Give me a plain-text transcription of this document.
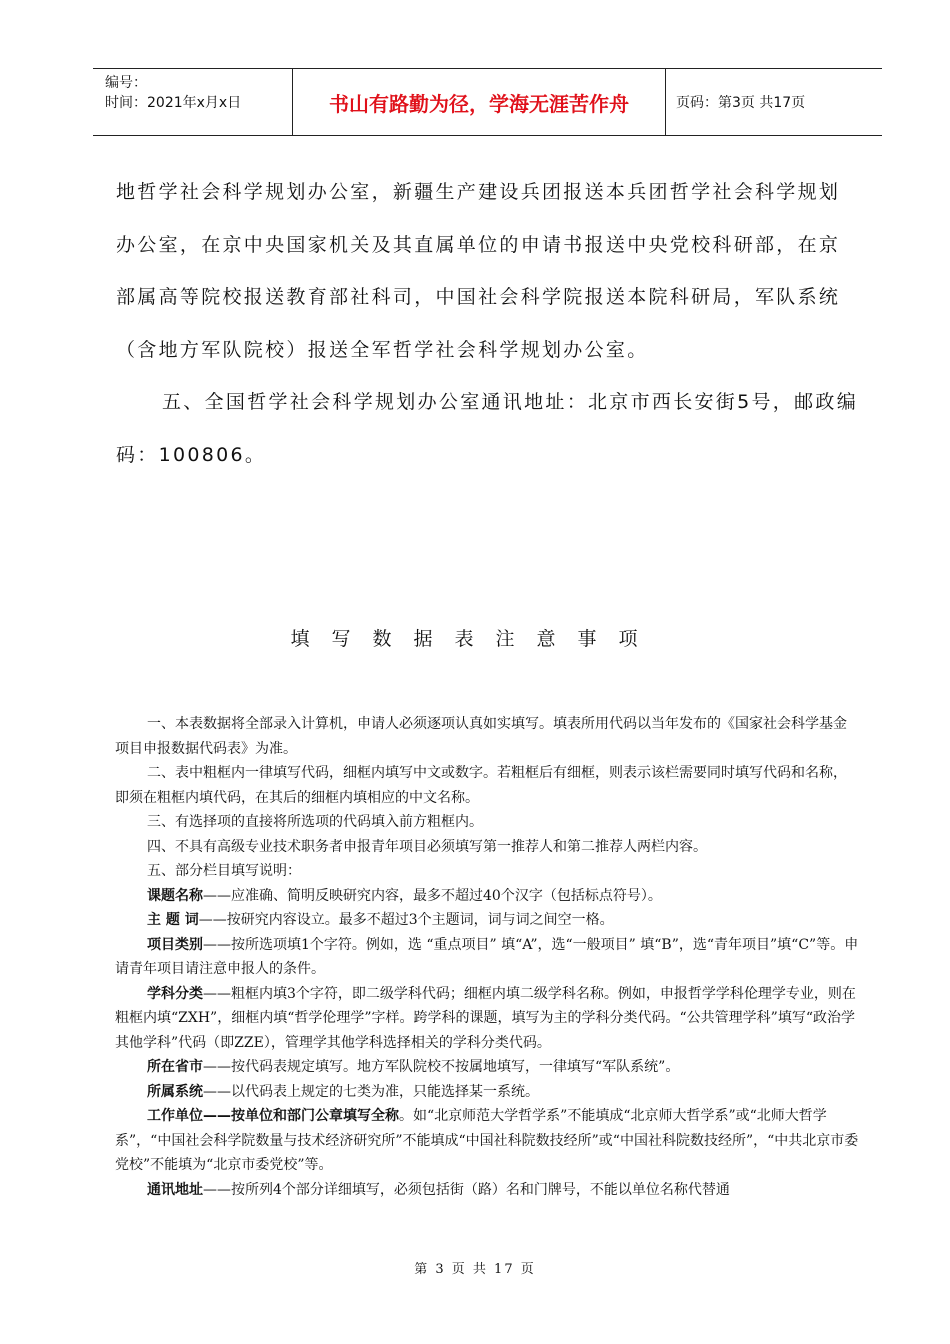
编号：
时间：2021年x月x日	书山有路勤为径，学海无涯苦作舟	页码：第3页 共17页

地哲学社会科学规划办公室，新疆生产建设兵团报送本兵团哲学社会科学规划办公室，在京中央国家机关及其直属单位的申请书报送中央党校科研部，在京部属高等院校报送教育部社科司，中国社会科学院报送本院科研局，军队系统（含地方军队院校）报送全军哲学社会科学规划办公室。

五、全国哲学社会科学规划办公室通讯地址：北京市西长安街5号，邮政编码：100806。

填写数据表注意事项

一、本表数据将全部录入计算机，申请人必须逐项认真如实填写。填表所用代码以当年发布的《国家社会科学基金项目申报数据代码表》为准。

二、表中粗框内一律填写代码，细框内填写中文或数字。若粗框后有细框，则表示该栏需要同时填写代码和名称，即须在粗框内填代码，在其后的细框内填相应的中文名称。

三、有选择项的直接将所选项的代码填入前方粗框内。

四、不具有高级专业技术职务者申报青年项目必须填写第一推荐人和第二推荐人两栏内容。

五、部分栏目填写说明：

课题名称——应准确、简明反映研究内容，最多不超过40个汉字（包括标点符号）。

主 题 词——按研究内容设立。最多不超过3个主题词，词与词之间空一格。

项目类别——按所选项填1个字符。例如，选 “重点项目” 填“A”，选“一般项目” 填“B”，选“青年项目”填“C”等。申请青年项目请注意申报人的条件。

学科分类——粗框内填3个字符，即二级学科代码；细框内填二级学科名称。例如，申报哲学学科伦理学专业，则在粗框内填“ZXH”，细框内填“哲学伦理学”字样。跨学科的课题，填写为主的学科分类代码。“公共管理学科”填写“政治学其他学科”代码（即ZZE），管理学其他学科选择相关的学科分类代码。

所在省市——按代码表规定填写。地方军队院校不按属地填写，一律填写“军队系统”。

所属系统——以代码表上规定的七类为准，只能选择某一系统。

工作单位——按单位和部门公章填写全称。如“北京师范大学哲学系”不能填成“北京师大哲学系”或“北师大哲学系”，“中国社会科学院数量与技术经济研究所”不能填成“中国社科院数技经所”或“中国社科院数技经所”，“中共北京市委党校”不能填为“北京市委党校”等。

通讯地址——按所列4个部分详细填写，必须包括街（路）名和门牌号，不能以单位名称代替通

第 3 页 共 17 页
